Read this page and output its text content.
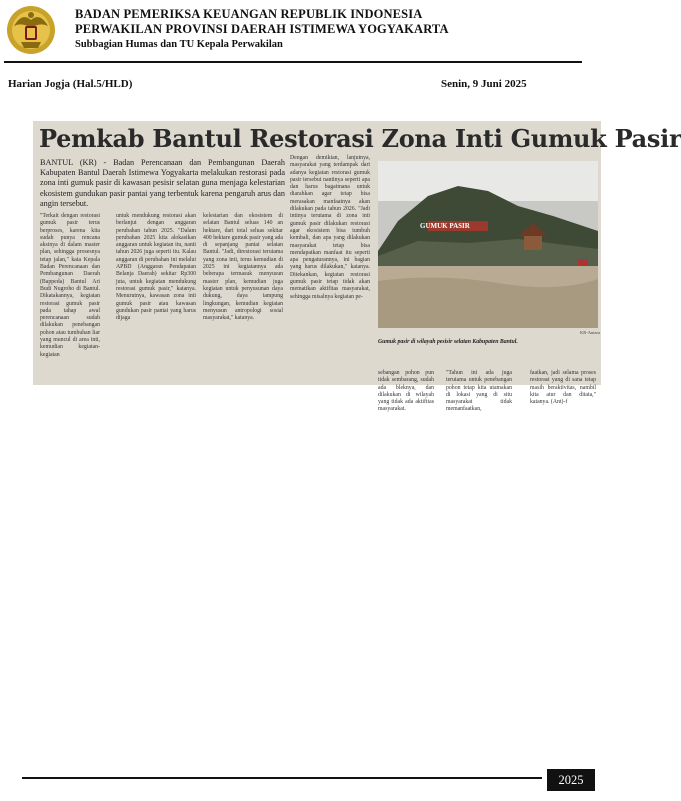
BADAN PEMERIKSA KEUANGAN REPUBLIK INDONESIA
PERWAKILAN PROVINSI DAERAH ISTIMEWA YOGYAKARTA
Subbagian Humas dan TU Kepala Perwakilan
Harian Jogja (Hal.5/HLD)	Senin, 9 Juni 2025
Pemkab Bantul Restorasi Zona Inti Gumuk Pasir
BANTUL (KR) - Badan Perencanaan dan Pembangunan Daerah Kabupaten Bantul Daerah Istimewa Yogyakarta melakukan restorasi pada zona inti gumuk pasir di kawasan pesisir selatan guna menjaga kelestarian ekosistem gundukan pasir pantai yang terbentuk karena pengaruh arus dan angin tersebut.
"Terkait dengan restorasi gumuk pasir terus berproses, karena kita sudah punya rencana aksinya di dalam master plan, sehingga prosesnya tetap jalan," kata Kepala Badan Perencanaan dan Pembangunan Daerah (Bappeda) Bantul Ari Budi Nugroho di Bantul. Dikatakannya, kegiatan restorasi gumuk pasir pada tahap awal perencanaan sudah dilakukan penebangan pohon atau tumbuhan liar yang muncul di area inti, kemudian kegiatan-kegiatan
untuk mendukung restorasi akan berlanjut dengan anggaran perubahan tahun 2025. "Dalam perubahan 2025 kita alokasikan anggaran untuk kegiatan itu, nanti tahun 2026 juga seperti itu. Kalau anggaran di perubahan ini melalui APBD (Anggaran Pendapatan Belanja Daerah) sekitar Rp300 juta, untuk kegiatan mendukung restorasi gumuk pasir," katanya. Menurutnya, kawasan zona inti gumuk pasir atau kawasan gundukan pasir pantai yang harus dijaga
kelestarian dan ekosistem di selatan Bantul seluas 140 an hektare, dari total seluas sekitar 400 hektare gumuk pasir yang ada di sepanjang pantai selatan Bantul. "Jadi, direstorasi terutama yang zona inti, terus kemudian di 2025 ini kegiatannya ada beberapa termasuk menyusun master plan, kemudian juga kegiatan untuk penyusunan daya dukung, daya tampung lingkungan, kemudian kegiatan menyusun antropologi sosial masyarakat," katanya.
Dengan demikian, lanjutnya, masyarakat yang terdampak dari adanya kegiatan restorasi gumuk pasir tersebut nantinya seperti apa dan harus bagaimana untuk diarahkan agar tetap bisa merasakan manfaatnya akan dilakukan pada tahun 2026. "Jadi intinya terutama di zona inti gumuk pasir dilakukan restorasi agar ekosistem bisa tumbuh kembali, dan apa yang dilakukan masyarakat tetap bisa mendapatkan manfaat itu seperti apa pengaturannya, ini bagian yang harus dilakukan," katanya. Ditekankan, kegiatan restorasi gumuk pasir tetap tidak akan mematikan aktifitas masyarakat, sehingga misalnya kegiatan pe-
GUMUK PASIR
KR-Antara
Gumuk pasir di wilayah pesisir selatan Kabupaten Bantul.
sebangan pohon pun tidak sembarang, sudah ada bleknya, dan dilakukan di wilayah yang tidak ada aktifitas masyarakat.
"Tahun ini ada juga terutama untuk penebangan pohon tetap kita utamakan di lokasi yang di situ masyarakat tidak memanfaatkan,
faatkan, jadi selama proses restorasi yang di sana tetap masih beraktivitas, nambil kita atur dan ditata," katanya. (Ant)-f
2025
